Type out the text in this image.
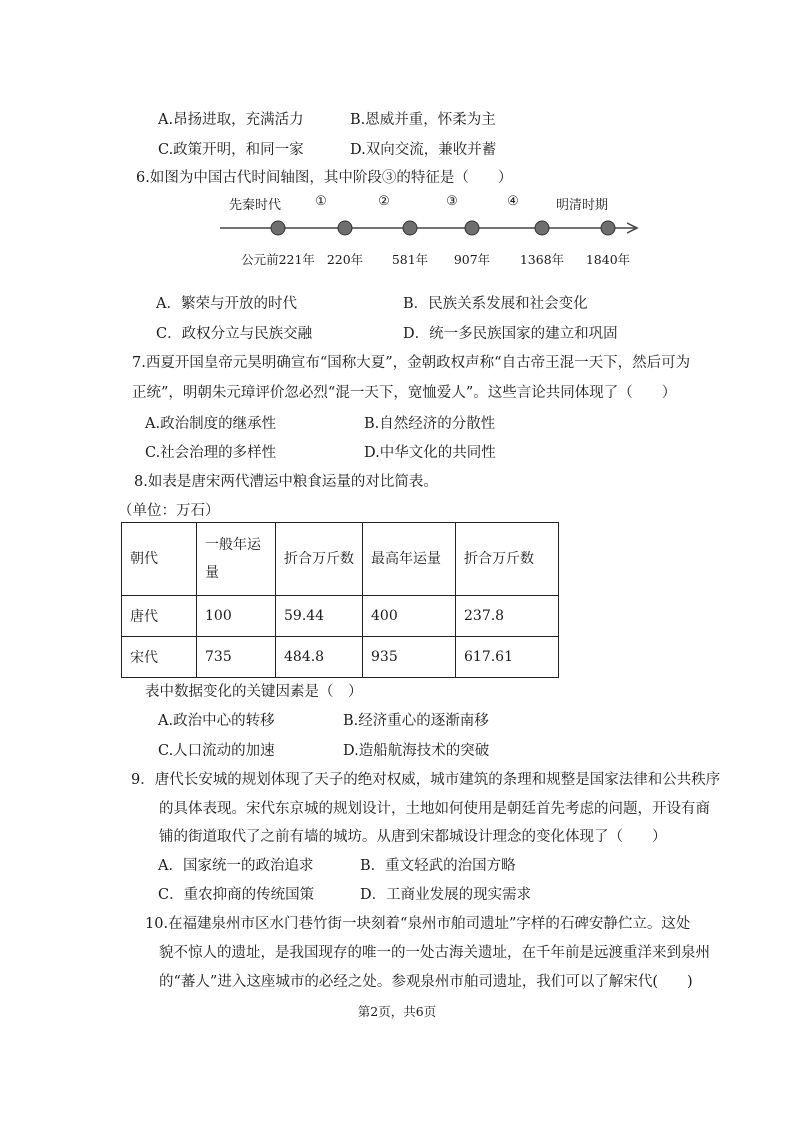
A.昂扬进取，充满活力	B.恩威并重，怀柔为主
C.政策开明，和同一家	D.双向交流，兼收并蓄
6.如图为中国古代时间轴图，其中阶段③的特征是（　　）
先秦时代	①	②	③	④	明清时期
公元前221年 220年 581年 907年 1368年 1840年
A．繁荣与开放的时代	B．民族关系发展和社会变化
C．政权分立与民族交融	D．统一多民族国家的建立和巩固
7.西夏开国皇帝元昊明确宣布“国称大夏”，金朝政权声称“自古帝王混一天下，然后可为
正统”，明朝朱元璋评价忽必烈“混一天下，宽恤爱人”。这些言论共同体现了（　　）
A.政治制度的继承性	B.自然经济的分散性
C.社会治理的多样性	D.中华文化的共同性
8.如表是唐宋两代漕运中粮食运量的对比简表。
（单位：万石）
朝代	一般年运量	折合万斤数	最高年运量	折合万斤数
唐代	100	59.44	400	237.8
宋代	735	484.8	935	617.61
表中数据变化的关键因素是（　）
A.政治中心的转移	B.经济重心的逐渐南移
C.人口流动的加速	D.造船航海技术的突破
9．唐代长安城的规划体现了天子的绝对权威，城市建筑的条理和规整是国家法律和公共秩序
的具体表现。宋代东京城的规划设计，土地如何使用是朝廷首先考虑的问题，开设有商
铺的街道取代了之前有墙的城坊。从唐到宋都城设计理念的变化体现了（　　）
A．国家统一的政治追求	B．重文轻武的治国方略
C．重农抑商的传统国策	D．工商业发展的现实需求
10.在福建泉州市区水门巷竹街一块刻着“泉州市舶司遗址”字样的石碑安静伫立。这处
貌不惊人的遗址，是我国现存的唯一的一处古海关遗址，在千年前是远渡重洋来到泉州
的“蕃人”进入这座城市的必经之处。参观泉州市舶司遗址，我们可以了解宋代(　　)
第2页，共6页
